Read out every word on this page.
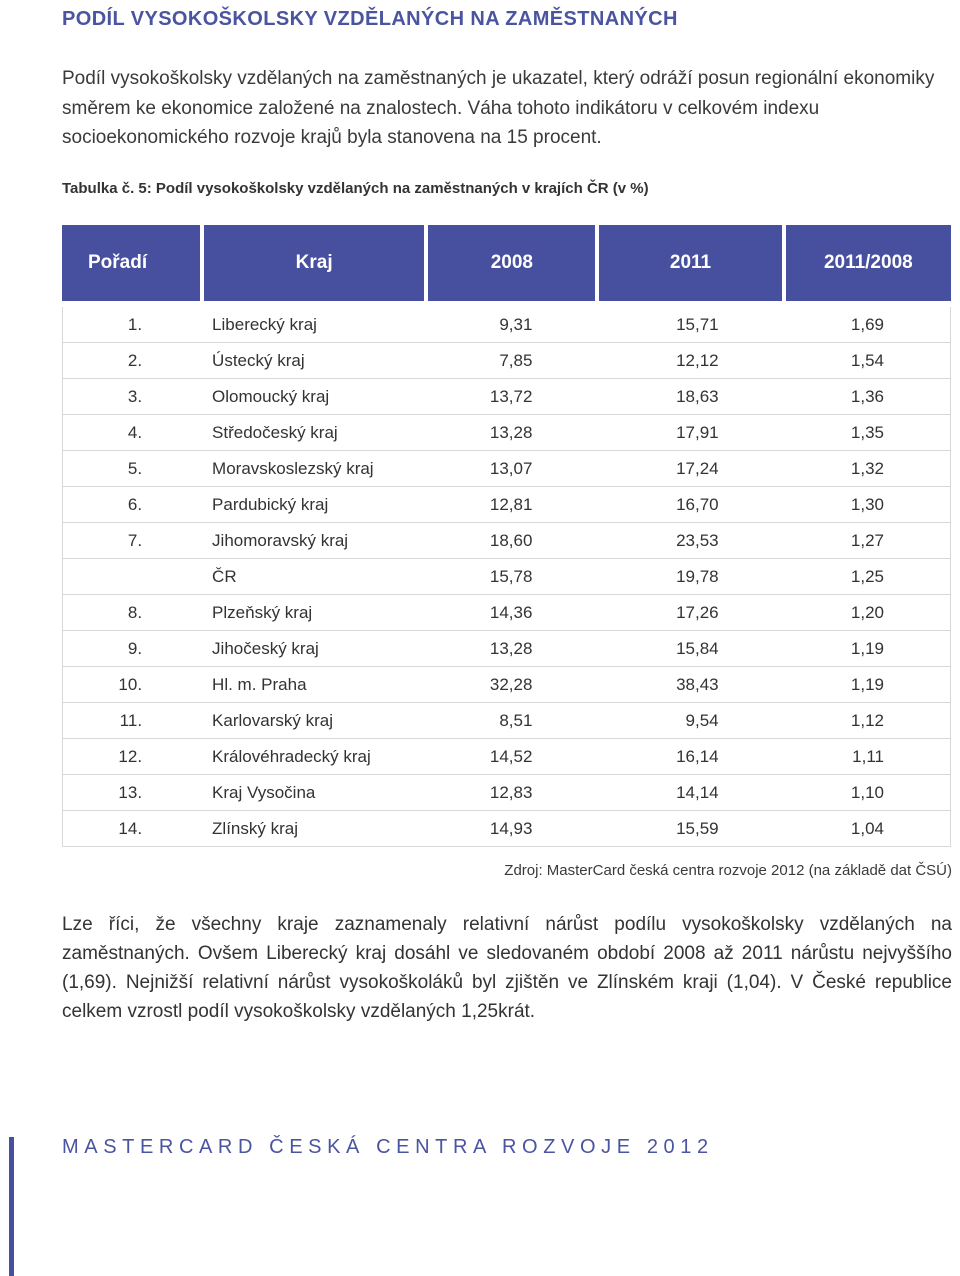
PODÍL VYSOKOŠKOLSKY VZDĚLANÝCH NA ZAMĚSTNANÝCH

Podíl vysokoškolsky vzdělaných na zaměstnaných je ukazatel, který odráží posun regionální ekonomiky směrem ke ekonomice založené na znalostech. Váha tohoto indikátoru v celkovém indexu socioekonomického rozvoje krajů byla stanovena na 15 procent.

Tabulka č. 5: Podíl vysokoškolsky vzdělaných na zaměstnaných v krajích ČR (v %)

Pořadí	Kraj	2008	2011	2011/2008

1.	Liberecký kraj	9,31	15,71	1,69
2.	Ústecký kraj	7,85	12,12	1,54
3.	Olomoucký kraj	13,72	18,63	1,36
4.	Středočeský kraj	13,28	17,91	1,35
5.	Moravskoslezský kraj	13,07	17,24	1,32
6.	Pardubický kraj	12,81	16,70	1,30
7.	Jihomoravský kraj	18,60	23,53	1,27
	ČR	15,78	19,78	1,25
8.	Plzeňský kraj	14,36	17,26	1,20
9.	Jihočeský kraj	13,28	15,84	1,19
10.	Hl. m. Praha	32,28	38,43	1,19
11.	Karlovarský kraj	8,51	9,54	1,12
12.	Královéhradecký kraj	14,52	16,14	1,11
13.	Kraj Vysočina	12,83	14,14	1,10
14.	Zlínský kraj	14,93	15,59	1,04

Zdroj: MasterCard česká centra rozvoje 2012 (na základě dat ČSÚ)

Lze říci, že všechny kraje zaznamenaly relativní nárůst podílu vysokoškolsky vzdělaných na zaměstnaných. Ovšem Liberecký kraj dosáhl ve sledovaném období 2008 až 2011 nárůstu nejvyššího (1,69). Nejnižší relativní nárůst vysokoškoláků byl zjištěn ve Zlínském kraji (1,04). V České republice celkem vzrostl podíl vysokoškolsky vzdělaných 1,25krát.

MASTERCARD ČESKÁ CENTRA ROZVOJE 2012
